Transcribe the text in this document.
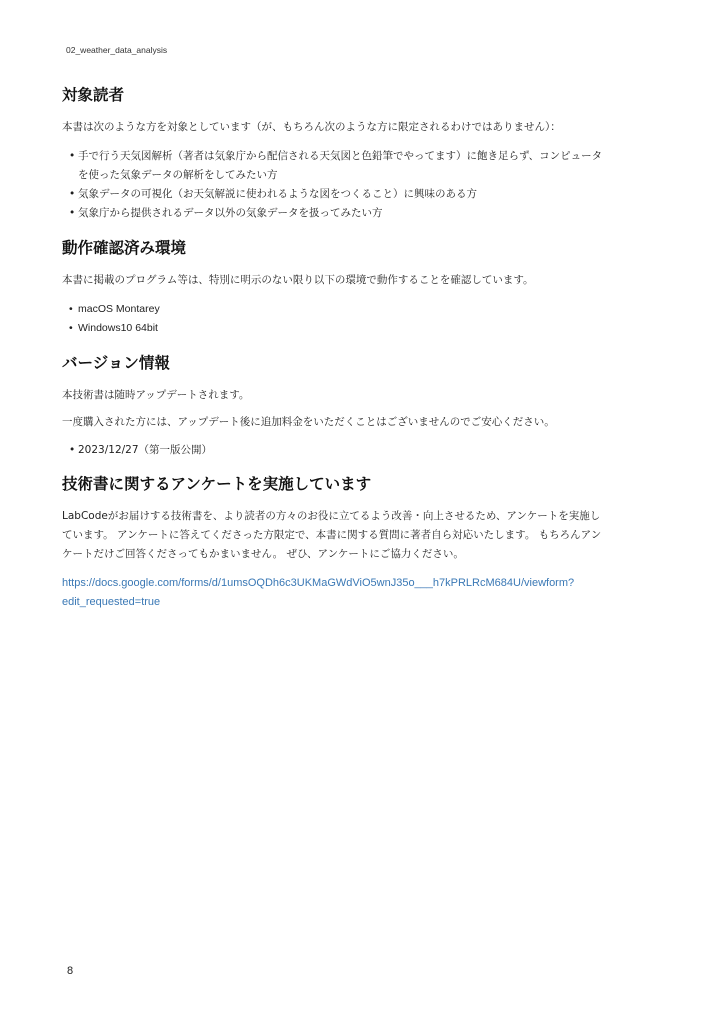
02_weather_data_analysis
対象読者

本書は次のような方を対象としています（が、もちろん次のような方に限定されるわけではありません）：

• 手で行う天気図解析（著者は気象庁から配信される天気図と色鉛筆でやってます）に飽き足らず、コンピュータを使った気象データの解析をしてみたい方
• 気象データの可視化（お天気解説に使われるような図をつくること）に興味のある方
• 気象庁から提供されるデータ以外の気象データを扱ってみたい方
動作確認済み環境

本書に掲載のプログラム等は、特別に明示のない限り以下の環境で動作することを確認しています。

• macOS Montarey
• Windows10 64bit
バージョン情報

本技術書は随時アップデートされます。

一度購入された方には、アップデート後に追加料金をいただくことはございませんのでご安心ください。

• 2023/12/27（第一版公開）
技術書に関するアンケートを実施しています

LabCodeがお届けする技術書を、より読者の方々のお役に立てるよう改善・向上させるため、アンケートを実施しています。 アンケートに答えてくださった方限定で、本書に関する質問に著者自ら対応いたします。 もちろんアンケートだけご回答くださってもかまいません。 ぜひ、アンケートにご協力ください。

https://docs.google.com/forms/d/1umsOQDh6c3UKMaGWdViO5wnJ35o___h7kPRLRcM684U/viewform?
edit_requested=true
8
